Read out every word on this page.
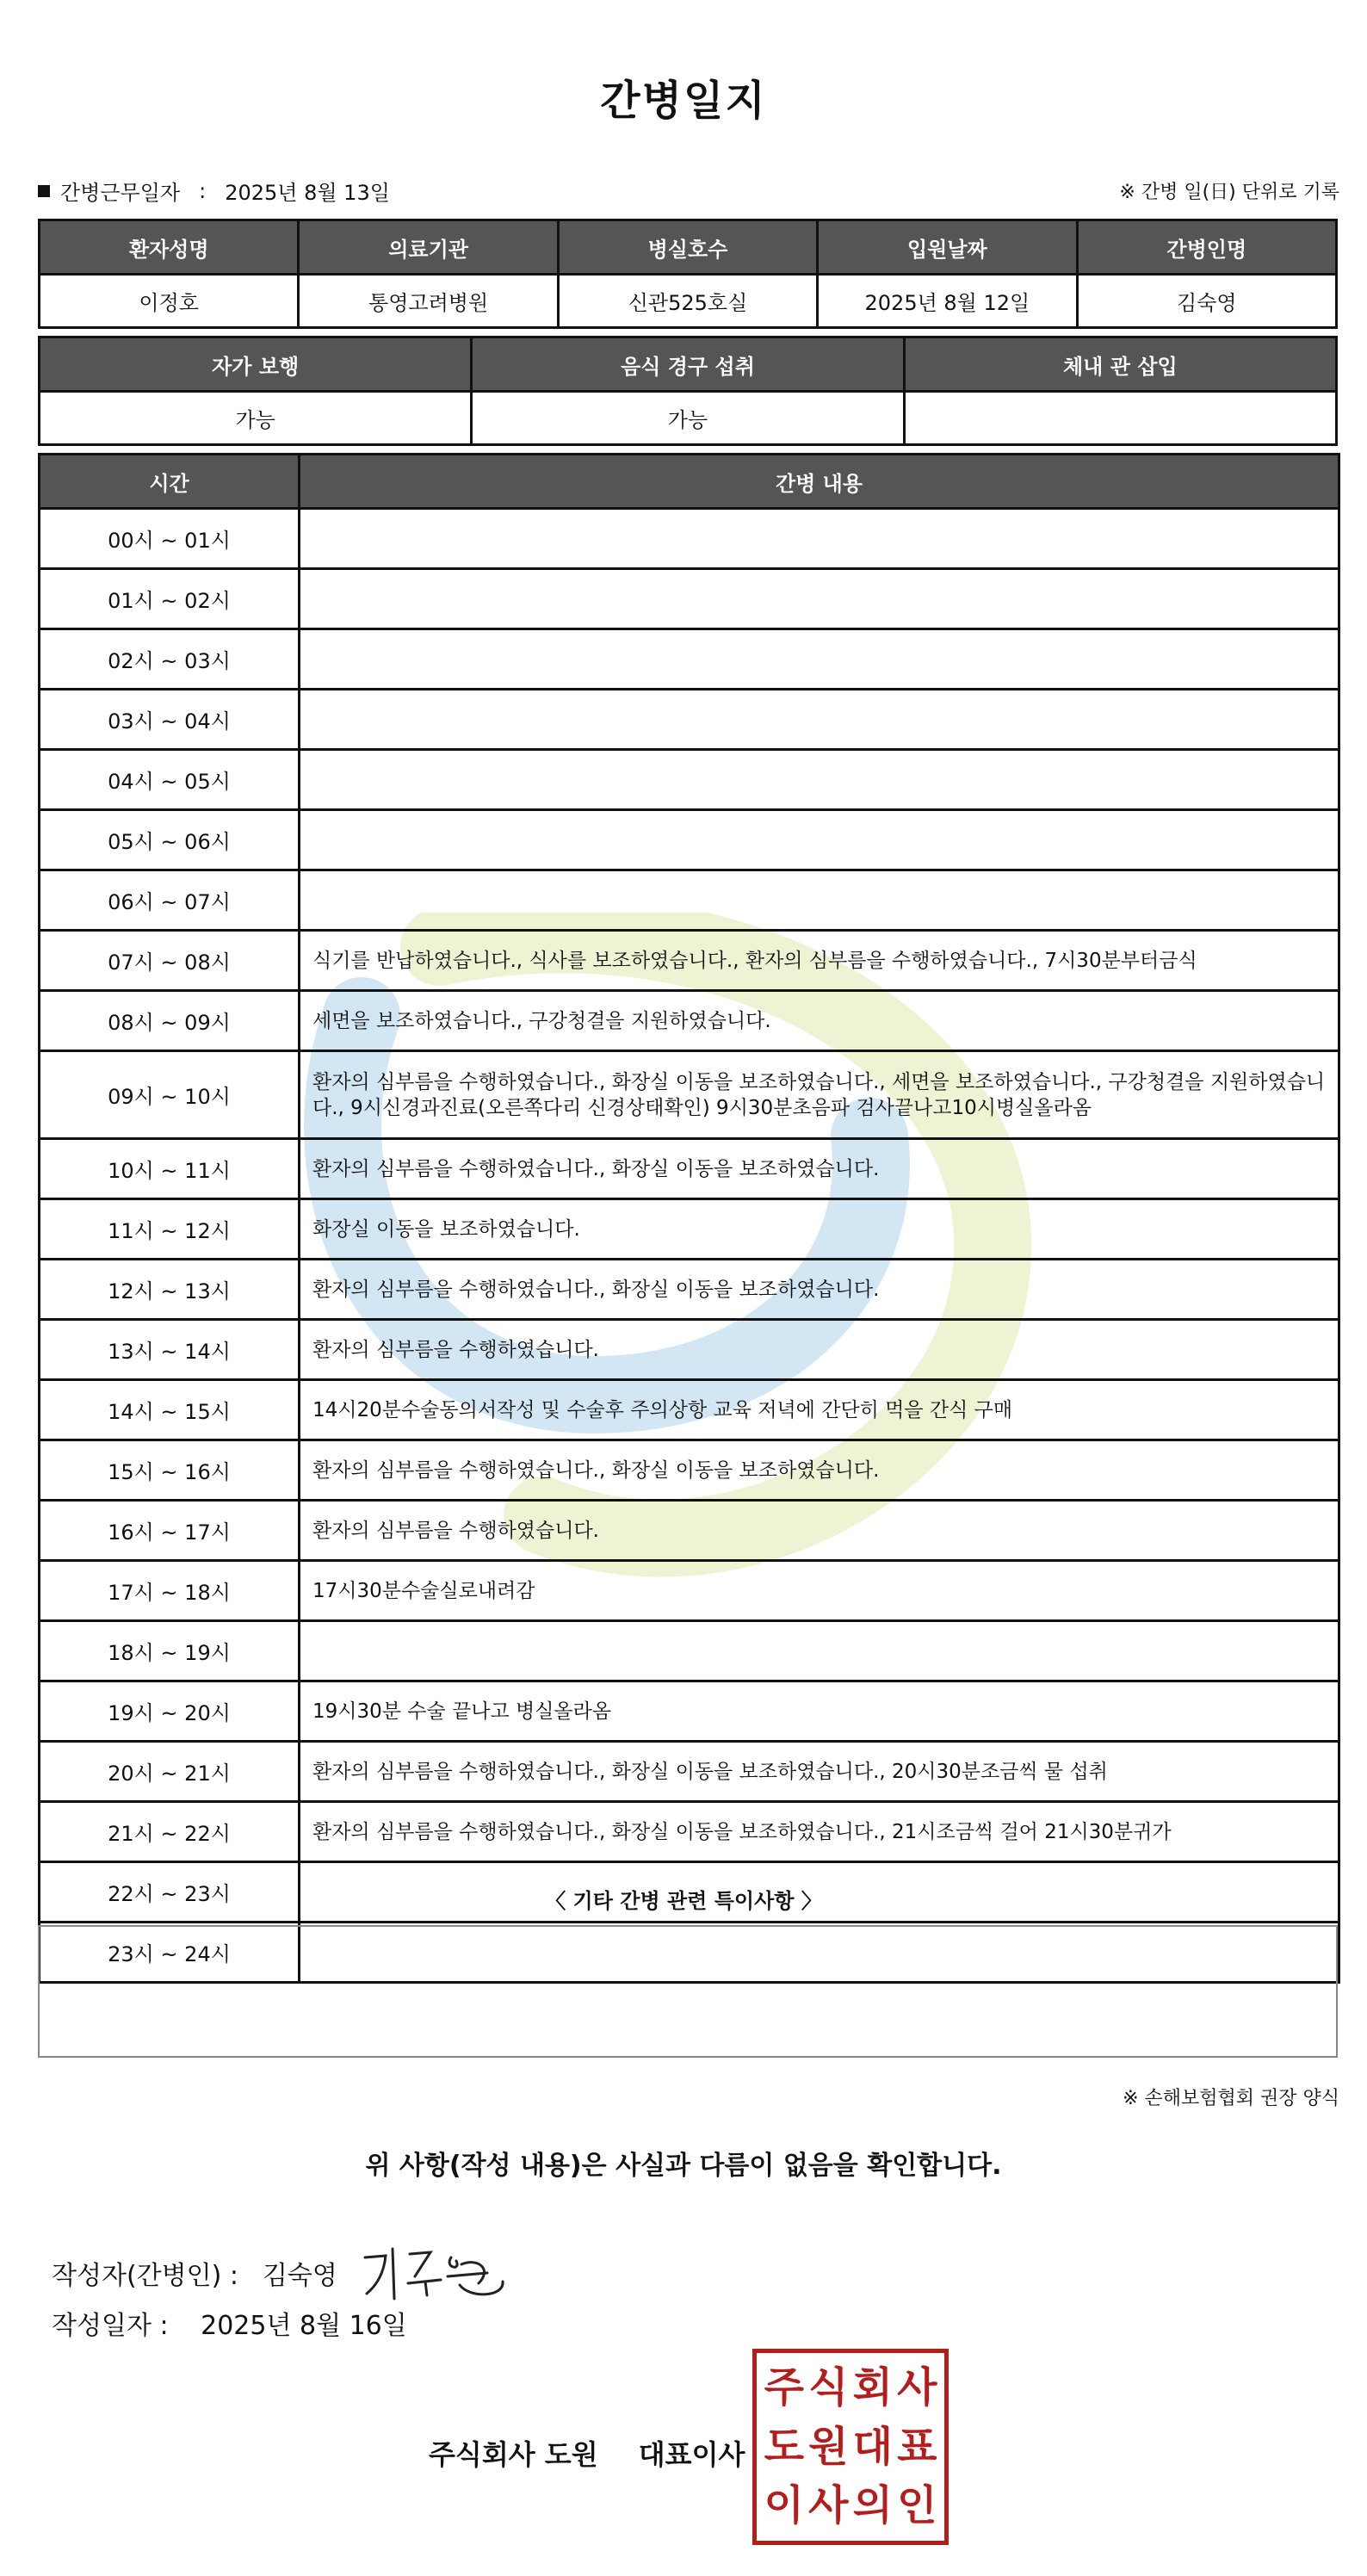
간병일지
간병근무일자 : 2025년 8월 13일	※ 간병 일(日) 단위로 기록
환자성명	의료기관	병실호수	입원날짜	간병인명
이정호	통영고려병원	신관525호실	2025년 8월 12일	김숙영
자가 보행	음식 경구 섭취	체내 관 삽입
가능	가능	
시간	간병 내용
00시 ~ 01시	
01시 ~ 02시	
02시 ~ 03시	
03시 ~ 04시	
04시 ~ 05시	
05시 ~ 06시	
06시 ~ 07시	
07시 ~ 08시	식기를 반납하였습니다., 식사를 보조하였습니다., 환자의 심부름을 수행하였습니다., 7시30분부터금식
08시 ~ 09시	세면을 보조하였습니다., 구강청결을 지원하였습니다.
09시 ~ 10시	환자의 심부름을 수행하였습니다., 화장실 이동을 보조하였습니다., 세면을 보조하였습니다., 구강청결을 지원하였습니다., 9시신경과진료(오른쪽다리 신경상태확인) 9시30분초음파 검사끝나고10시병실올라옴
10시 ~ 11시	환자의 심부름을 수행하였습니다., 화장실 이동을 보조하였습니다.
11시 ~ 12시	화장실 이동을 보조하였습니다.
12시 ~ 13시	환자의 심부름을 수행하였습니다., 화장실 이동을 보조하였습니다.
13시 ~ 14시	환자의 심부름을 수행하였습니다.
14시 ~ 15시	14시20분수술동의서작성 및 수술후 주의상항 교육 저녁에 간단히 먹을 간식 구매
15시 ~ 16시	환자의 심부름을 수행하였습니다., 화장실 이동을 보조하였습니다.
16시 ~ 17시	환자의 심부름을 수행하였습니다.
17시 ~ 18시	17시30분수술실로내려감
18시 ~ 19시	
19시 ~ 20시	19시30분 수술 끝나고 병실올라옴
20시 ~ 21시	환자의 심부름을 수행하였습니다., 화장실 이동을 보조하였습니다., 20시30분조금씩 물 섭취
21시 ~ 22시	환자의 심부름을 수행하였습니다., 화장실 이동을 보조하였습니다., 21시조금씩 걸어 21시30분귀가
22시 ~ 23시	
23시 ~ 24시	
〈 기타 간병 관련 특이사항 〉
※ 손해보험협회 권장 양식
위 사항(작성 내용)은 사실과 다름이 없음을 확인합니다.
작성자(간병인) : 김숙영
작성일자 : 2025년 8월 16일
주식회사 도원 대표이사
주 식 회 사
도 원 대 표
이 사 의 인
